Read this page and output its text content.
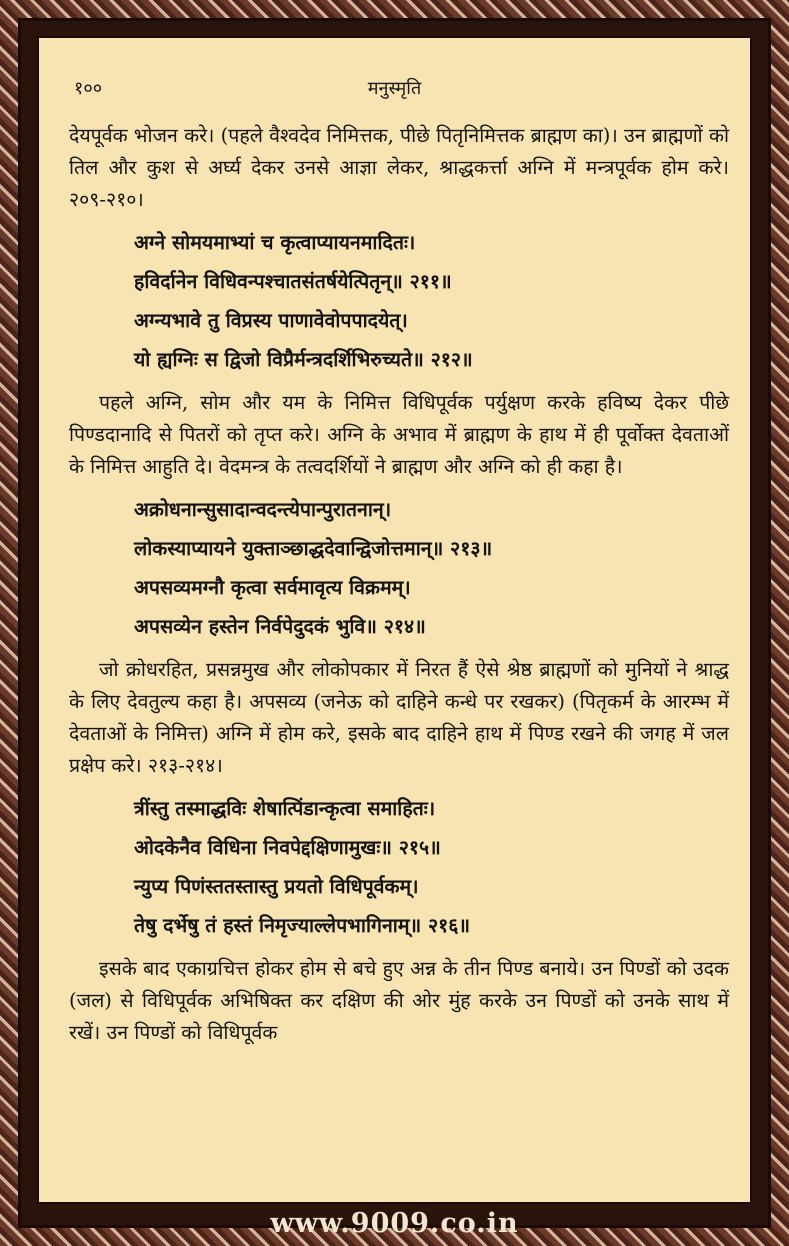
१००	मनुस्मृति

देयपूर्वक भोजन करे। (पहले वैश्वदेव निमित्तक, पीछे पितृनिमित्तक ब्राह्मण का)। उन ब्राह्मणों को तिल और कुश से अर्घ्य देकर उनसे आज्ञा लेकर, श्राद्धकर्त्ता अग्नि में मन्त्रपूर्वक होम करे। २०९-२१०।

अग्ने सोमयमाभ्यां च कृत्वाप्यायनमादितः।
हविर्दानेन विधिवन्पश्चातसंतर्षयेत्पितृन्॥ २११॥
अग्न्यभावे तु विप्रस्य पाणावेवोपपादयेत्।
यो ह्यग्निः स द्विजो विप्रैर्मन्त्रदर्शिभिरुच्यते॥ २१२॥

पहले अग्नि, सोम और यम के निमित्त विधिपूर्वक पर्युक्षण करके हविष्य देकर पीछे पिण्डदानादि से पितरों को तृप्त करे। अग्नि के अभाव में ब्राह्मण के हाथ में ही पूर्वोक्त देवताओं के निमित्त आहुति दे। वेदमन्त्र के तत्वदर्शियों ने ब्राह्मण और अग्नि को ही कहा है।

अक्रोधनान्सुसादान्वदन्त्येपान्पुरातनान्।
लोकस्याप्यायने युक्ताञ्छाद्धदेवान्द्विजोत्तमान्॥ २१३॥
अपसव्यमग्नौ कृत्वा सर्वमावृत्य विक्रमम्।
अपसव्येन हस्तेन निर्वपेदुदकं भुवि॥ २१४॥

जो क्रोधरहित, प्रसन्नमुख और लोकोपकार में निरत हैं ऐसे श्रेष्ठ ब्राह्मणों को मुनियों ने श्राद्ध के लिए देवतुल्य कहा है। अपसव्य (जनेऊ को दाहिने कन्धे पर रखकर) (पितृकर्म के आरम्भ में देवताओं के निमित्त) अग्नि में होम करे, इसके बाद दाहिने हाथ में पिण्ड रखने की जगह में जल प्रक्षेप करे। २१३-२१४।

त्रींस्तु तस्माद्धविः शेषात्पिंडान्कृत्वा समाहितः।
ओदकेनैव विधिना निवपेद्दक्षिणामुखः॥ २१५॥
न्युप्य पिणंस्ततस्तास्तु प्रयतो विधिपूर्वकम्।
तेषु दर्भेषु तं हस्तं निमृज्याल्लेपभागिनाम्॥ २१६॥

इसके बाद एकाग्रचित्त होकर होम से बचे हुए अन्न के तीन पिण्ड बनाये। उन पिण्डों को उदक (जल) से विधिपूर्वक अभिषिक्त कर दक्षिण की ओर मुंह करके उन पिण्डों को उनके साथ में रखें। उन पिण्डों को विधिपूर्वक

www.9009.co.in
